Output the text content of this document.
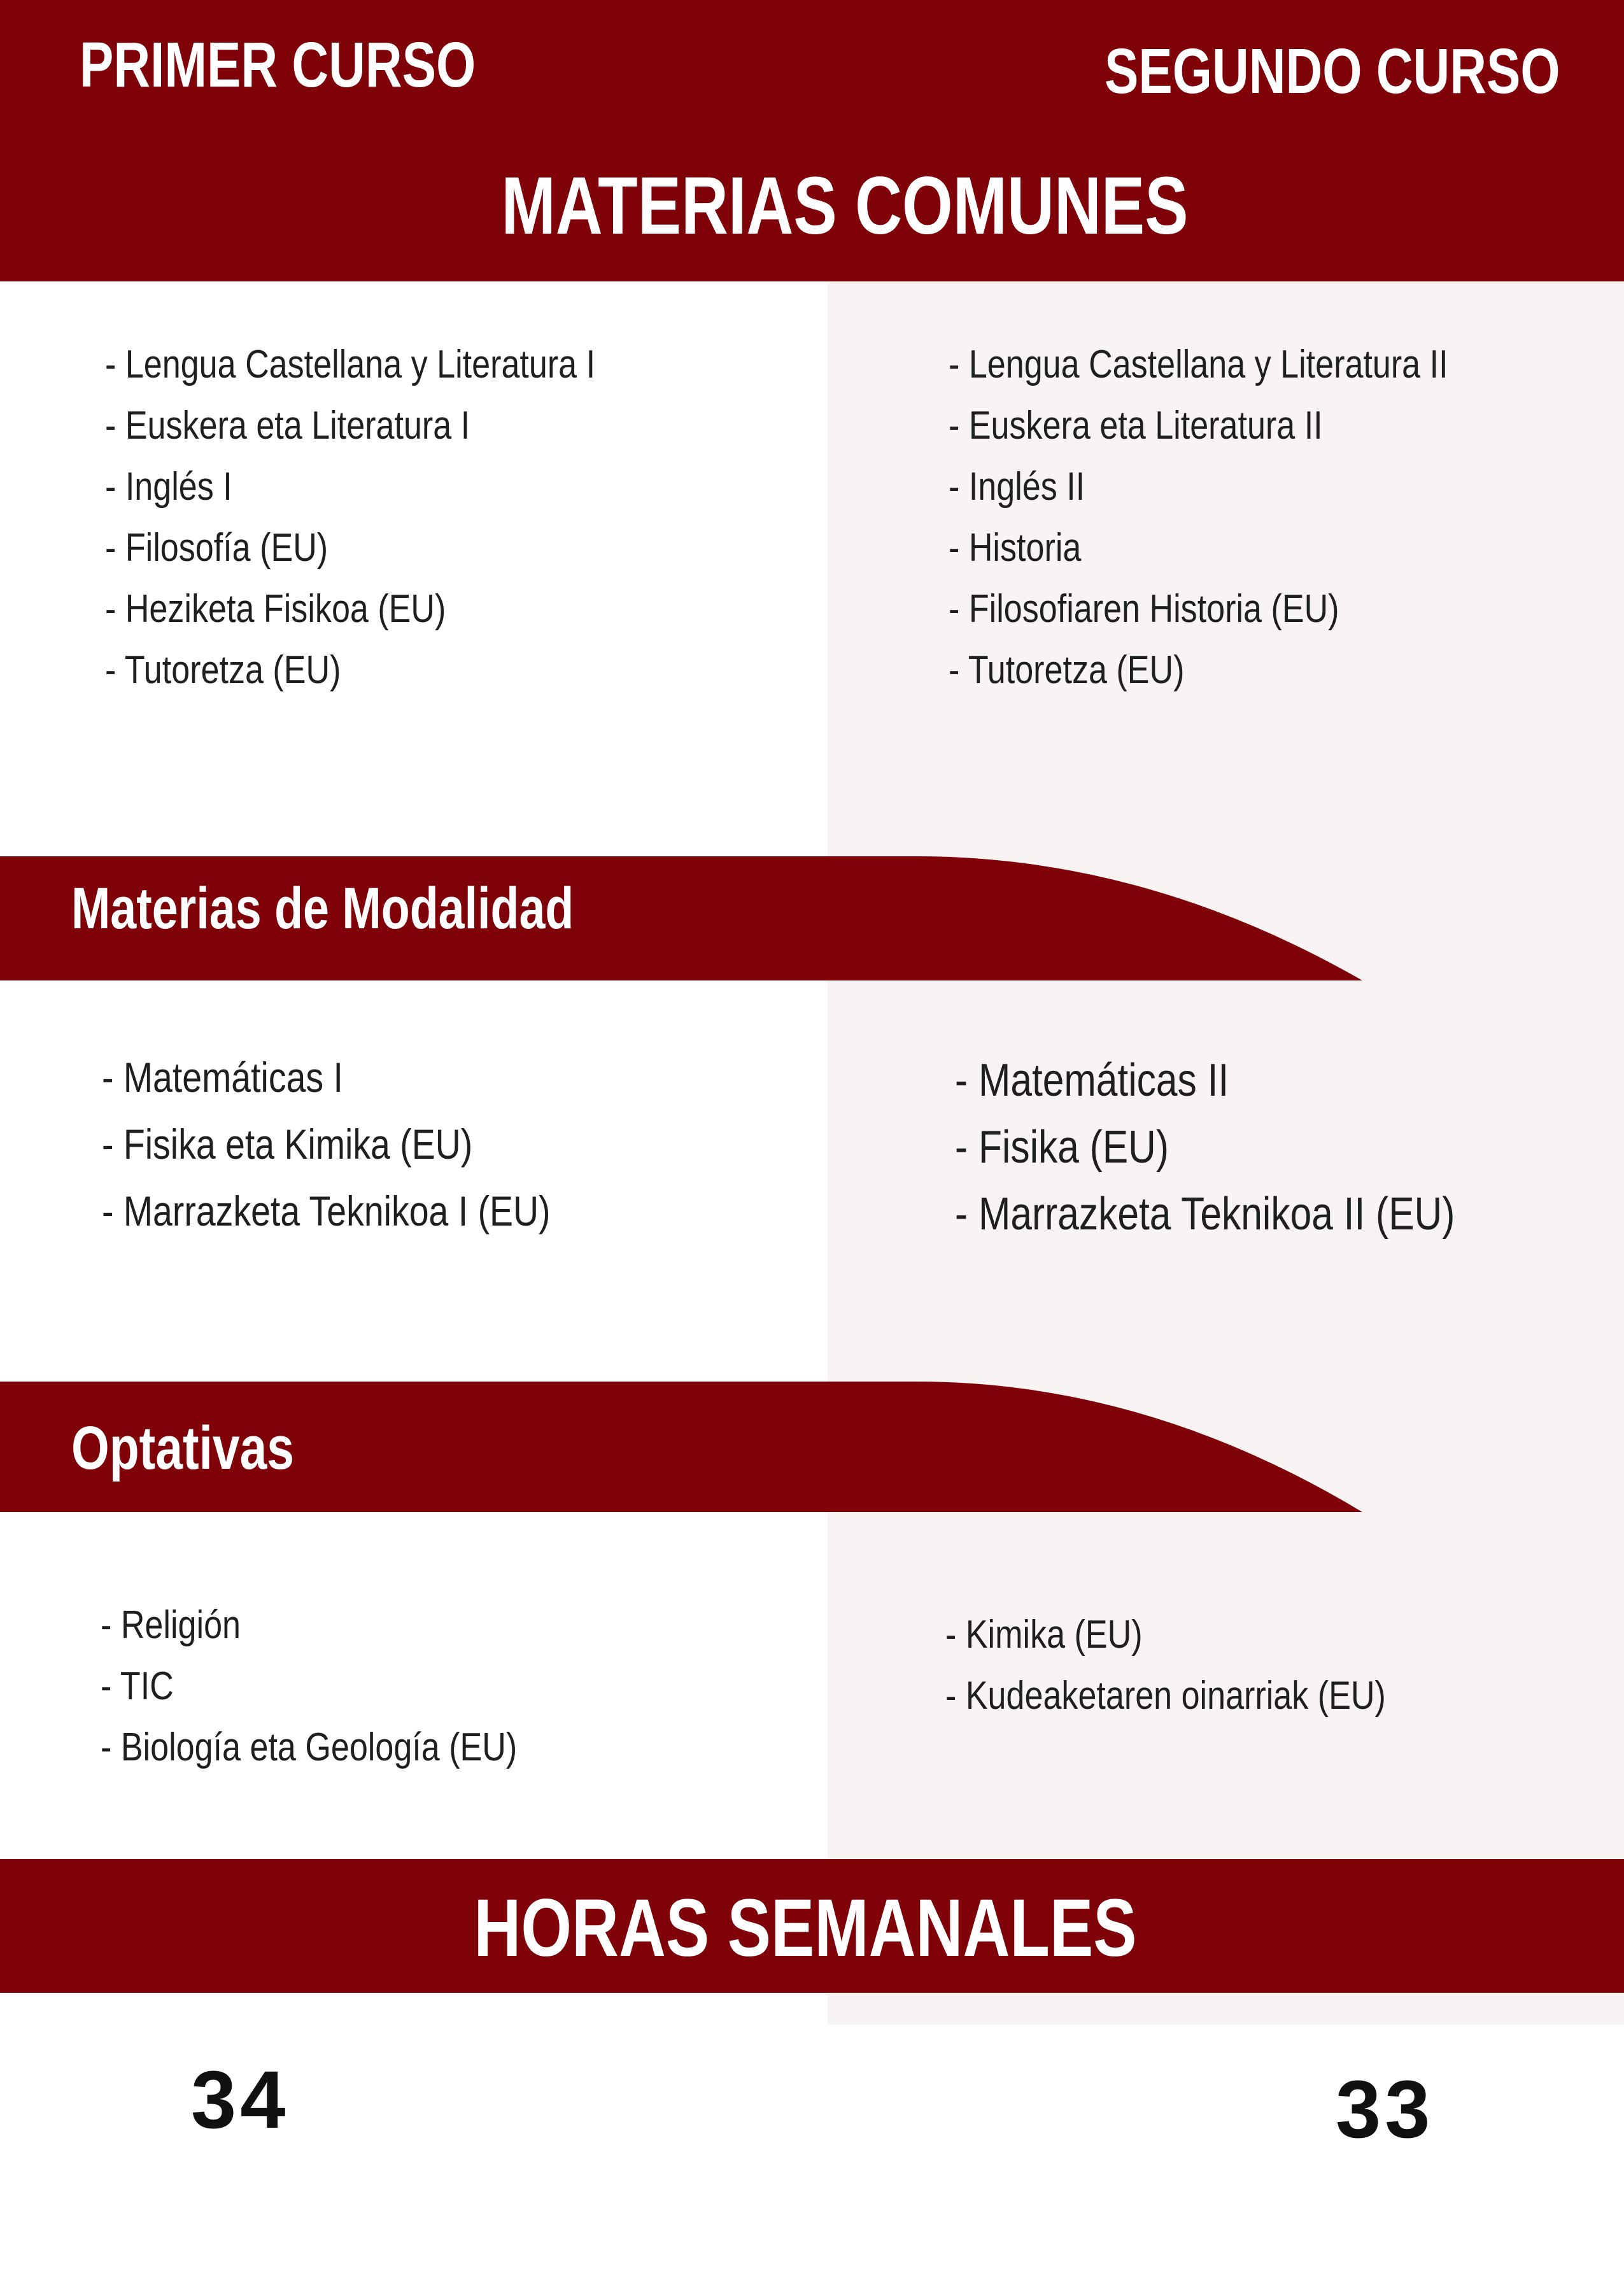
PRIMER CURSO	SEGUNDO CURSO
MATERIAS COMUNES
- Lengua Castellana y Literatura I
- Euskera eta Literatura I
- Inglés I
- Filosofía (EU)
- Heziketa Fisikoa (EU)
- Tutoretza (EU)
- Lengua Castellana y Literatura II
- Euskera eta Literatura II
- Inglés II
- Historia
- Filosofiaren Historia (EU)
- Tutoretza (EU)
Materias de Modalidad
- Matemáticas I
- Fisika eta Kimika (EU)
- Marrazketa Teknikoa I (EU)
- Matemáticas II
- Fisika (EU)
- Marrazketa Teknikoa II (EU)
Optativas
- Religión
- TIC
- Biología eta Geología (EU)
- Kimika (EU)
- Kudeaketaren oinarriak (EU)
HORAS SEMANALES
34	33
